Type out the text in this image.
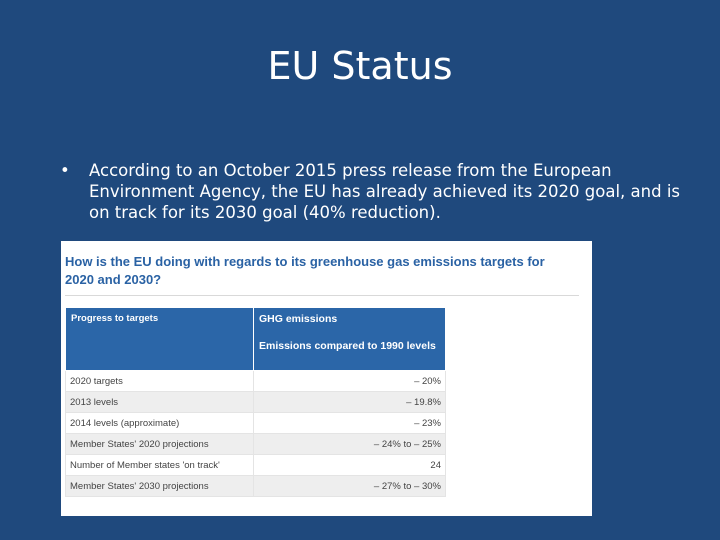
EU Status
• According to an October 2015 press release from the European Environment Agency, the EU has already achieved its 2020 goal, and is on track for its 2030 goal (40% reduction).
How is the EU doing with regards to its greenhouse gas emissions targets for 2020 and 2030?
Progress to targets	GHG emissions
Emissions compared to 1990 levels

2020 targets	– 20%
2013 levels	– 19.8%
2014 levels (approximate)	– 23%
Member States' 2020 projections	– 24% to – 25%
Number of Member states 'on track'	24
Member States' 2030 projections	– 27% to – 30%
